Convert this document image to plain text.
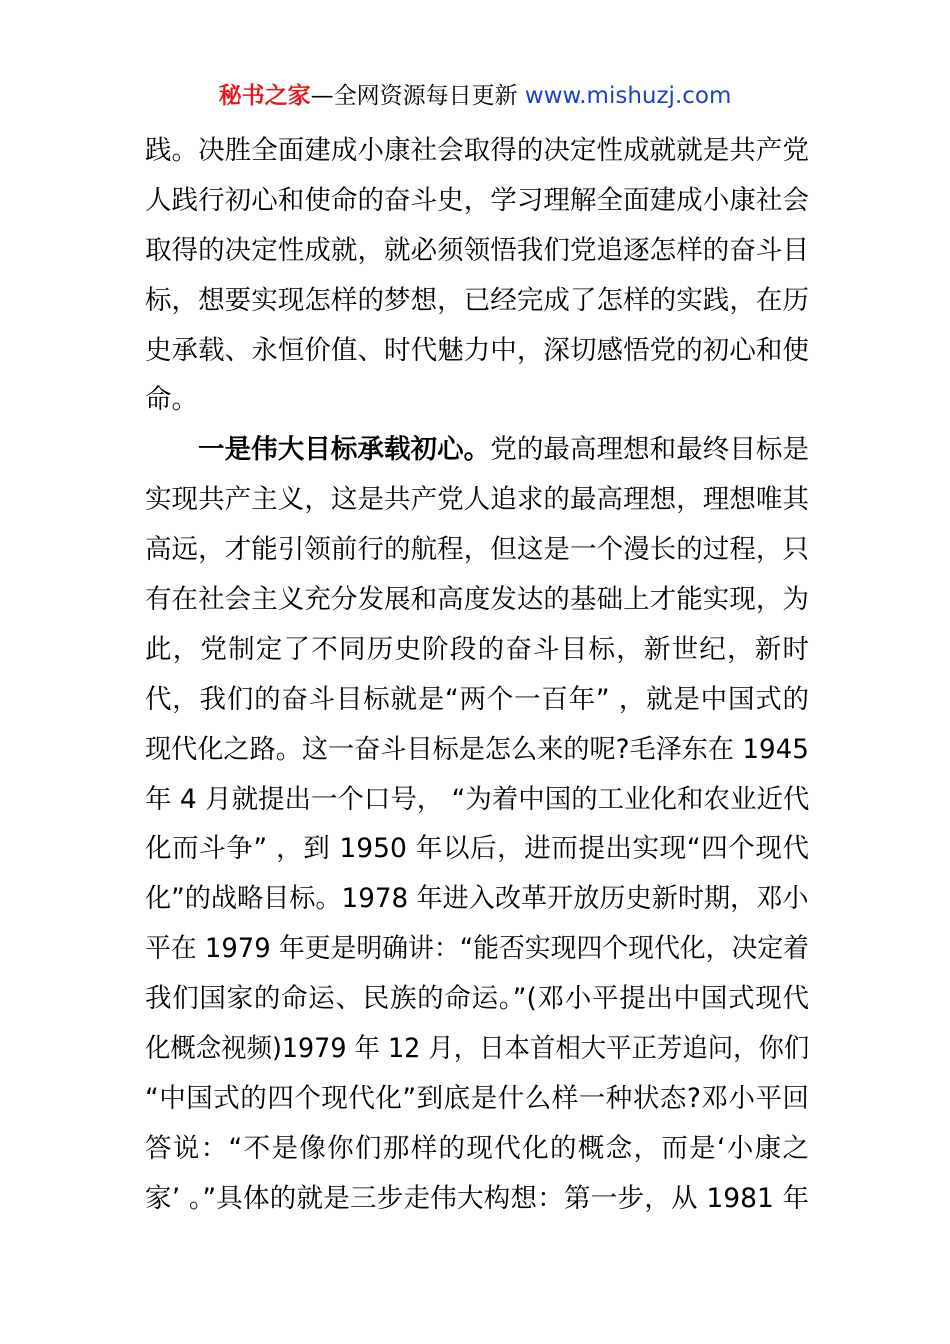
秘书之家—全网资源每日更新 www.mishuzj.com
践。决胜全面建成小康社会取得的决定性成就就是共产党
人践行初心和使命的奋斗史，学习理解全面建成小康社会
取得的决定性成就，就必须领悟我们党追逐怎样的奋斗目
标，想要实现怎样的梦想，已经完成了怎样的实践，在历
史承载、永恒价值、时代魅力中，深切感悟党的初心和使
命。
一是伟大目标承载初心。党的最高理想和最终目标是
实现共产主义，这是共产党人追求的最高理想，理想唯其
高远，才能引领前行的航程，但这是一个漫长的过程，只
有在社会主义充分发展和高度发达的基础上才能实现，为
此，党制定了不同历史阶段的奋斗目标，新世纪，新时
代，我们的奋斗目标就是“两个一百年” ，就是中国式的
现代化之路。这一奋斗目标是怎么来的呢?毛泽东在 1945
年 4 月就提出一个口号， “为着中国的工业化和农业近代
化而斗争” ，到 1950 年以后，进而提出实现“四个现代
化”的战略目标。1978 年进入改革开放历史新时期，邓小
平在 1979 年更是明确讲：“能否实现四个现代化，决定着
我们国家的命运、民族的命运。”(邓小平提出中国式现代
化概念视频)1979 年 12 月，日本首相大平正芳追问，你们
“中国式的四个现代化”到底是什么样一种状态?邓小平回
答说：“不是像你们那样的现代化的概念，而是‘小康之
家’ 。”具体的就是三步走伟大构想：第一步，从 1981 年
